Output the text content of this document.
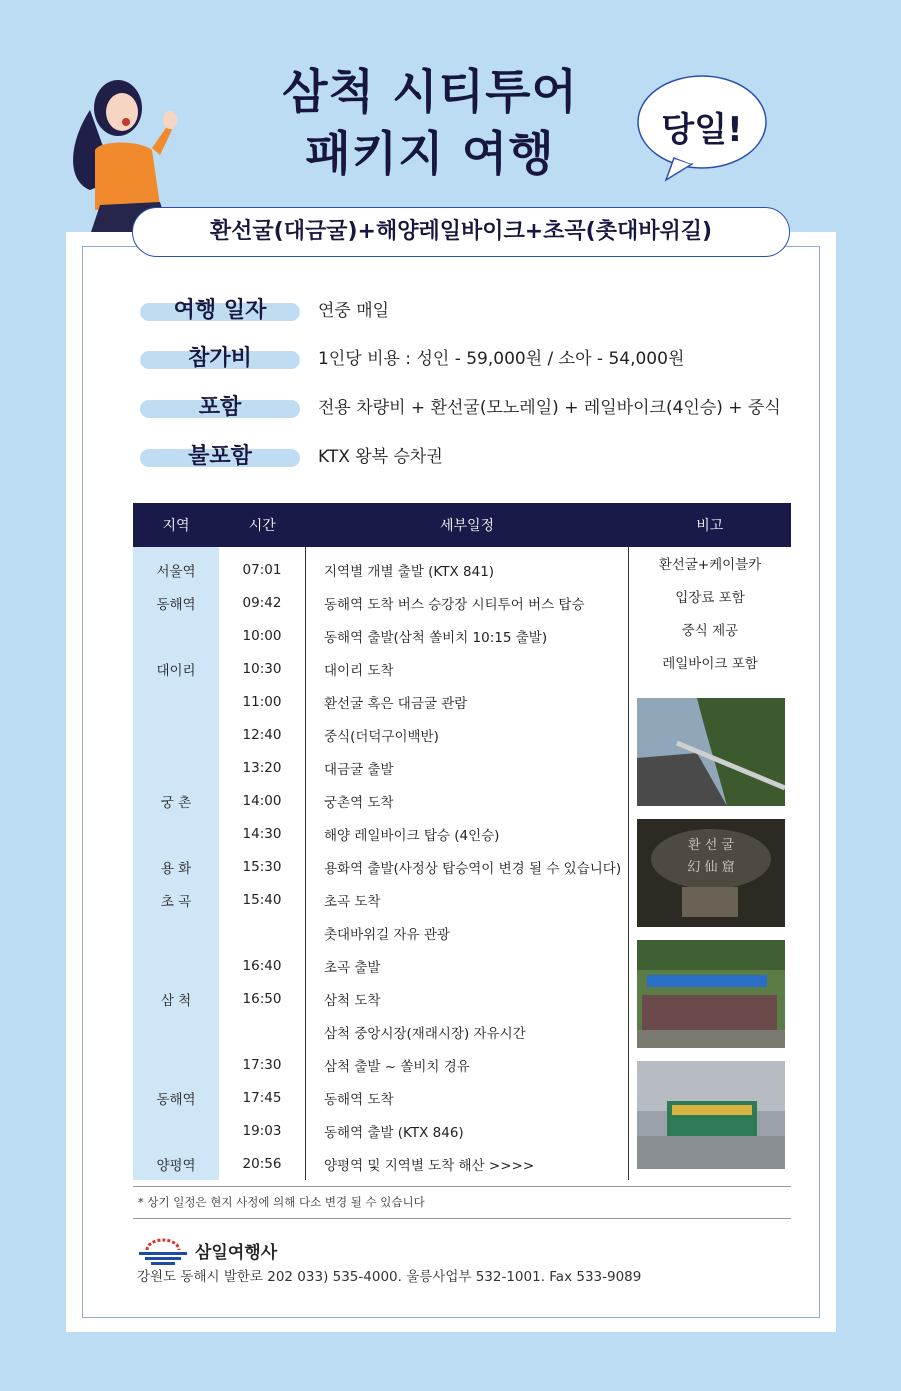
삼척 시티투어
패키지 여행	당일!
환선굴(대금굴)+해양레일바이크+초곡(촛대바위길)
여행 일자	연중 매일
참가비	1인당 비용 : 성인 - 59,000원 / 소아 - 54,000원
포함	전용 차량비 + 환선굴(모노레일) + 레일바이크(4인승) + 중식
불포함	KTX 왕복 승차권
지역	시간	세부일정	비고
서울역	07:01	지역별 개별 출발 (KTX 841)	환선굴+케이블카
동해역	09:42	동해역 도착 버스 승강장 시티투어 버스 탑승	입장료 포함
	10:00	동해역 출발(삼척 쏠비치 10:15 출발)	중식 제공
대이리	10:30	대이리 도착	레일바이크 포함
	11:00	환선굴 혹은 대금굴 관람	
	12:40	중식(더덕구이백반)	
	13:20	대금굴 출발	
궁 촌	14:00	궁촌역 도착	
	14:30	해양 레일바이크 탑승 (4인승)	
용 화	15:30	용화역 출발(사정상 탑승역이 변경 될 수 있습니다)	
초 곡	15:40	초곡 도착	
		촛대바위길 자유 관광	
	16:40	초곡 출발	
삼 척	16:50	삼척 도착	
		삼척 중앙시장(재래시장) 자유시간	
	17:30	삼척 출발 ~ 쏠비치 경유	
동해역	17:45	동해역 도착	
	19:03	동해역 출발 (KTX 846)	
양평역	20:56	양평역 및 지역별 도착 해산 >>>>	

환 선 굴
幻 仙 窟

* 상기 일정은 현지 사정에 의해 다소 변경 될 수 있습니다
삼일여행사
강원도 동해시 발한로 202 033) 535-4000. 울릉사업부 532-1001. Fax 533-9089
